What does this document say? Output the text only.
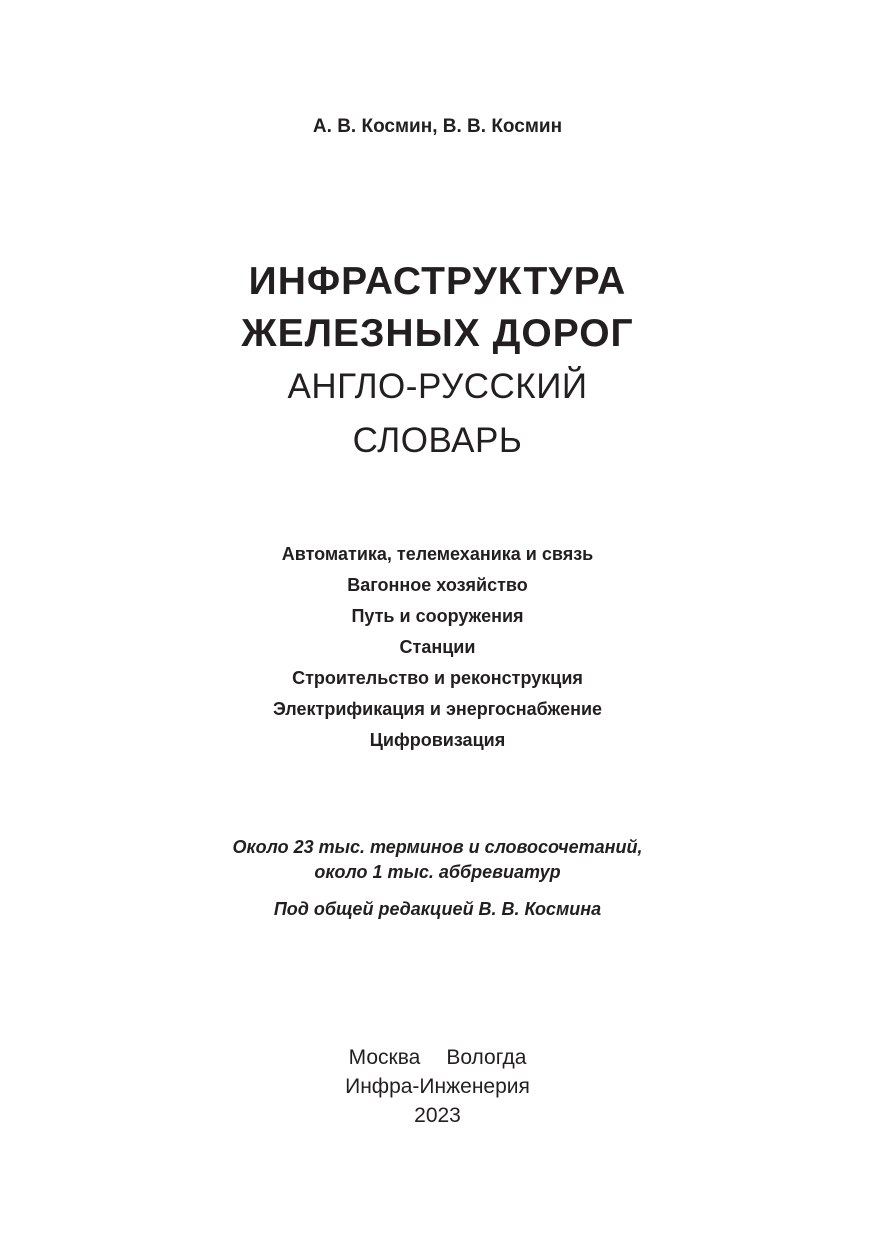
А. В. Космин, В. В. Космин
ИНФРАСТРУКТУРА
ЖЕЛЕЗНЫХ ДОРОГ
АНГЛО-РУССКИЙ
СЛОВАРЬ
Автоматика, телемеханика и связь
Вагонное хозяйство
Путь и сооружения
Станции
Строительство и реконструкция
Электрификация и энергоснабжение
Цифровизация
Около 23 тыс. терминов и словосочетаний,
около 1 тыс. аббревиатур
Под общей редакцией В. В. Космина
Москва Вологда
Инфра-Инженерия
2023
